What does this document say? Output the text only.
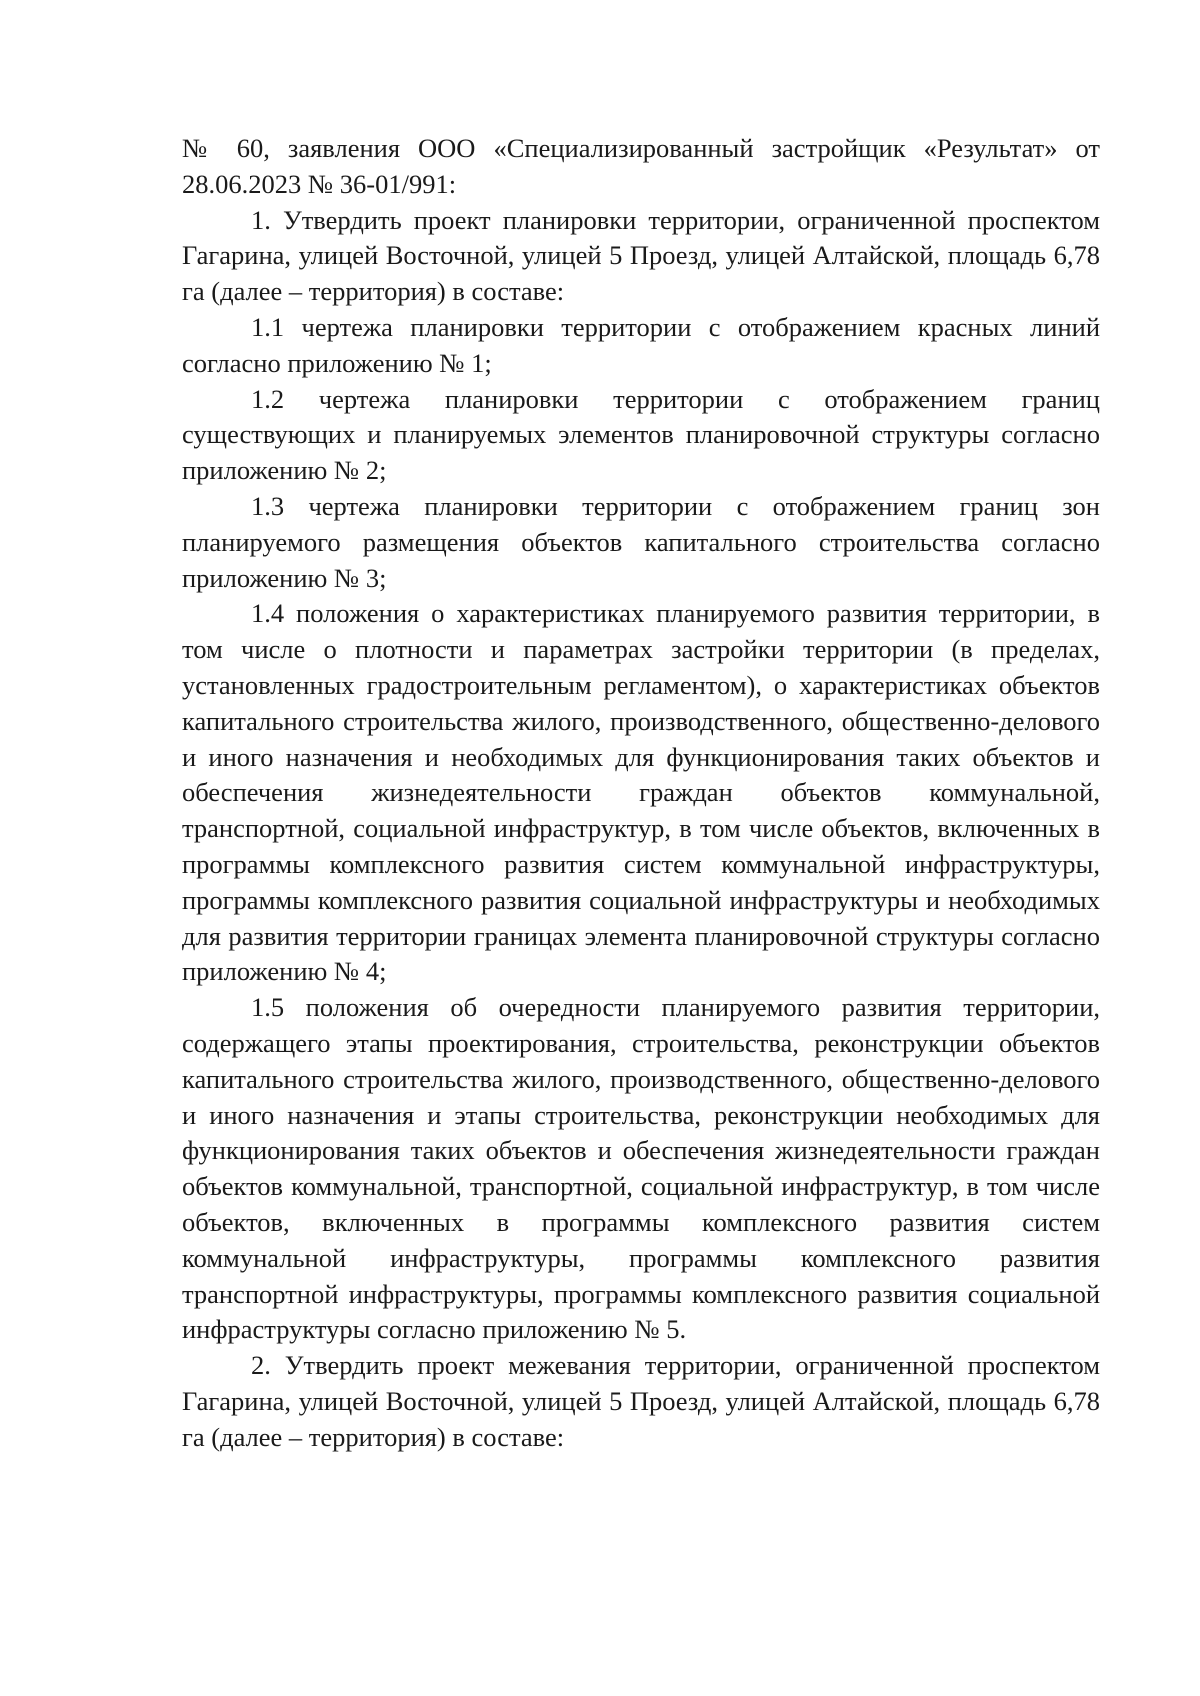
№ 60, заявления ООО «Специализированный застройщик «Результат» от 28.06.2023 № 36-01/991:

1. Утвердить проект планировки территории, ограниченной проспектом Гагарина, улицей Восточной, улицей 5 Проезд, улицей Алтайской, площадь 6,78 га (далее – территория) в составе:

1.1 чертежа планировки территории с отображением красных линий согласно приложению № 1;

1.2 чертежа планировки территории с отображением границ существующих и планируемых элементов планировочной структуры согласно приложению № 2;

1.3 чертежа планировки территории с отображением границ зон планируемого размещения объектов капитального строительства согласно приложению № 3;

1.4 положения о характеристиках планируемого развития территории, в том числе о плотности и параметрах застройки территории (в пределах, установленных градостроительным регламентом), о характеристиках объектов капитального строительства жилого, производственного, общественно-делового и иного назначения и необходимых для функционирования таких объектов и обеспечения жизнедеятельности граждан объектов коммунальной, транспортной, социальной инфраструктур, в том числе объектов, включенных в программы комплексного развития систем коммунальной инфраструктуры, программы комплексного развития социальной инфраструктуры и необходимых для развития территории границах элемента планировочной структуры согласно приложению № 4;

1.5 положения об очередности планируемого развития территории, содержащего этапы проектирования, строительства, реконструкции объектов капитального строительства жилого, производственного, общественно-делового и иного назначения и этапы строительства, реконструкции необходимых для функционирования таких объектов и обеспечения жизнедеятельности граждан объектов коммунальной, транспортной, социальной инфраструктур, в том числе объектов, включенных в программы комплексного развития систем коммунальной инфраструктуры, программы комплексного развития транспортной инфраструктуры, программы комплексного развития социальной инфраструктуры согласно приложению № 5.

2. Утвердить проект межевания территории, ограниченной проспектом Гагарина, улицей Восточной, улицей 5 Проезд, улицей Алтайской, площадь 6,78 га (далее – территория) в составе:
